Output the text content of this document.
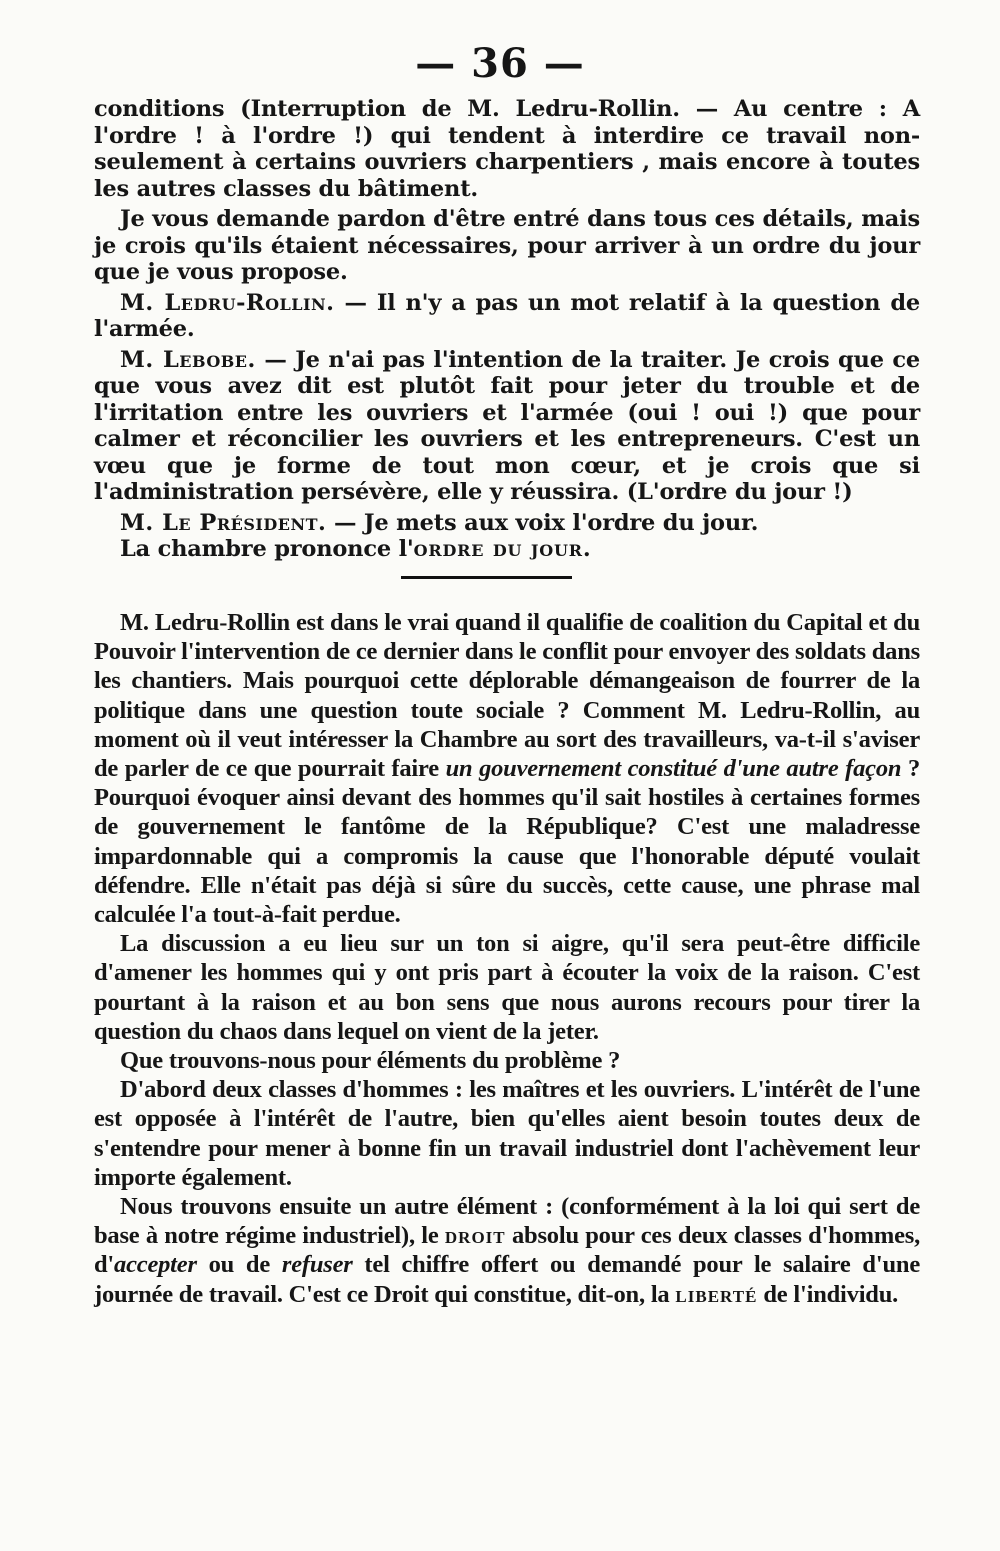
— 36 —

conditions (Interruption de M. Ledru-Rollin. — Au centre : A l'ordre ! à l'ordre !) qui tendent à interdire ce travail non-seulement à certains ouvriers charpentiers , mais encore à toutes les autres classes du bâtiment.

Je vous demande pardon d'être entré dans tous ces détails, mais je crois qu'ils étaient nécessaires, pour arriver à un ordre du jour que je vous propose.

M. Ledru-Rollin. — Il n'y a pas un mot relatif à la question de l'armée.

M. Lebobe. — Je n'ai pas l'intention de la traiter. Je crois que ce que vous avez dit est plutôt fait pour jeter du trouble et de l'irritation entre les ouvriers et l'armée (oui ! oui !) que pour calmer et réconcilier les ouvriers et les entrepreneurs. C'est un vœu que je forme de tout mon cœur, et je crois que si l'administration persévère, elle y réussira. (L'ordre du jour !)

M. Le Président. — Je mets aux voix l'ordre du jour.

La chambre prononce l'ordre du jour.

M. Ledru-Rollin est dans le vrai quand il qualifie de coalition du Capital et du Pouvoir l'intervention de ce dernier dans le conflit pour envoyer des soldats dans les chantiers. Mais pourquoi cette déplorable démangeaison de fourrer de la politique dans une question toute sociale ? Comment M. Ledru-Rollin, au moment où il veut intéresser la Chambre au sort des travailleurs, va-t-il s'aviser de parler de ce que pourrait faire un gouvernement constitué d'une autre façon ? Pourquoi évoquer ainsi devant des hommes qu'il sait hostiles à certaines formes de gouvernement le fantôme de la République? C'est une maladresse impardonnable qui a compromis la cause que l'honorable député voulait défendre. Elle n'était pas déjà si sûre du succès, cette cause, une phrase mal calculée l'a tout-à-fait perdue.

La discussion a eu lieu sur un ton si aigre, qu'il sera peut-être difficile d'amener les hommes qui y ont pris part à écouter la voix de la raison. C'est pourtant à la raison et au bon sens que nous aurons recours pour tirer la question du chaos dans lequel on vient de la jeter.

Que trouvons-nous pour éléments du problème ?

D'abord deux classes d'hommes : les maîtres et les ouvriers. L'intérêt de l'une est opposée à l'intérêt de l'autre, bien qu'elles aient besoin toutes deux de s'entendre pour mener à bonne fin un travail industriel dont l'achèvement leur importe également.

Nous trouvons ensuite un autre élément : (conformément à la loi qui sert de base à notre régime industriel), le droit absolu pour ces deux classes d'hommes, d'accepter ou de refuser tel chiffre offert ou demandé pour le salaire d'une journée de travail. C'est ce Droit qui constitue, dit-on, la liberté de l'individu.
